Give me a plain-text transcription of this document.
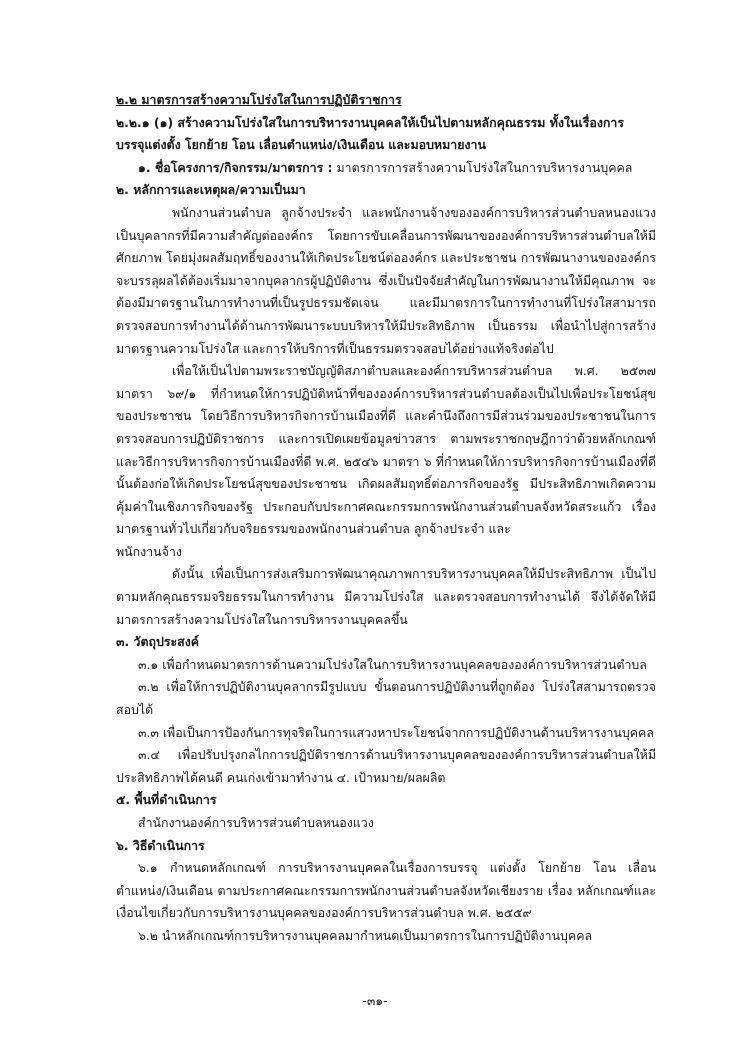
๒.๒ มาตรการสร้างความโปร่งใสในการปฏิบัติราชการ

๒.๒.๑ (๑) สร้างความโปร่งใสในการบริหารงานบุคคลให้เป็นไปตามหลักคุณธรรม ทั้งในเรื่องการ

บรรจุแต่งตั้ง โยกย้าย โอน เลื่อนตำแหน่ง/เงินเดือน และมอบหมายงาน

๑. ชื่อโครงการ/กิจกรรม/มาตรการ : มาตรการการสร้างความโปร่งใสในการบริหารงานบุคคล

๒. หลักการและเหตุผล/ความเป็นมา

พนักงานส่วนตำบล ลูกจ้างประจำ และพนักงานจ้างขององค์การบริหารส่วนตำบลหนองแวง เป็นบุคลากรที่มีความสำคัญต่อองค์กร โดยการขับเคลื่อนการพัฒนาขององค์การบริหารส่วนตำบลให้มีศักยภาพ โดยมุ่งผลสัมฤทธิ์ของงานให้เกิดประโยชน์ต่อองค์กร และประชาชน การพัฒนางานขององค์กรจะบรรลุผลได้ต้องเริ่มมาจากบุคลากรผู้ปฏิบัติงาน ซึ่งเป็นปัจจัยสำคัญในการพัฒนางานให้มีคุณภาพ จะต้องมีมาตรฐานในการทำงานที่เป็นรูปธรรมชัดเจน และมีมาตรการในการทำงานที่โปร่งใสสามารถตรวจสอบการทำงานได้ด้านการพัฒนาระบบบริหารให้มีประสิทธิภาพ เป็นธรรม เพื่อนำไปสู่การสร้างมาตรฐานความโปร่งใส และการให้บริการที่เป็นธรรมตรวจสอบได้อย่างแท้จริงต่อไป

เพื่อให้เป็นไปตามพระราชบัญญัติสภาตำบลและองค์การบริหารส่วนตำบล พ.ศ. ๒๕๓๗ มาตรา ๖๙/๑ ที่กำหนดให้การปฏิบัติหน้าที่ขององค์การบริหารส่วนตำบลต้องเป็นไปเพื่อประโยชน์สุขของประชาชน โดยวิธีการบริหารกิจการบ้านเมืองที่ดี และคำนึงถึงการมีส่วนร่วมของประชาชนในการตรวจสอบการปฏิบัติราชการ และการเปิดเผยข้อมูลข่าวสาร ตามพระราชกฤษฎีกาว่าด้วยหลักเกณฑ์และวิธีการบริหารกิจการบ้านเมืองที่ดี พ.ศ. ๒๕๔๖ มาตรา ๖ ที่กำหนดให้การบริหารกิจการบ้านเมืองที่ดีนั้นต้องก่อให้เกิดประโยชน์สุขของประชาชน เกิดผลสัมฤทธิ์ต่อภารกิจของรัฐ มีประสิทธิภาพเกิดความคุ้มค่าในเชิงภารกิจของรัฐ ประกอบกับประกาศคณะกรรมการพนักงานส่วนตำบลจังหวัดสระแก้ว เรื่อง มาตรฐานทั่วไปเกี่ยวกับจริยธรรมของพนักงานส่วนตำบล ลูกจ้างประจำ และ

พนักงานจ้าง

ดังนั้น เพื่อเป็นการส่งเสริมการพัฒนาคุณภาพการบริหารงานบุคคลให้มีประสิทธิภาพ เป็นไปตามหลักคุณธรรมจริยธรรมในการทำงาน มีความโปร่งใส และตรวจสอบการทำงานได้ จึงได้จัดให้มีมาตรการสร้างความโปร่งใสในการบริหารงานบุคคลขึ้น

๓. วัตถุประสงค์

๓.๑ เพื่อกำหนดมาตรการด้านความโปร่งใสในการบริหารงานบุคคลขององค์การบริหารส่วนตำบล

๓.๒ เพื่อให้การปฏิบัติงานบุคลากรมีรูปแบบ ขั้นตอนการปฏิบัติงานที่ถูกต้อง โปร่งใสสามารถตรวจสอบได้

๓.๓ เพื่อเป็นการป้องกันการทุจริตในการแสวงหาประโยชน์จากการปฏิบัติงานด้านบริหารงานบุคคล

๓.๔ เพื่อปรับปรุงกลไกการปฏิบัติราชการด้านบริหารงานบุคคลขององค์การบริหารส่วนตำบลให้มีประสิทธิภาพได้คนดี คนเก่งเข้ามาทำงาน ๔. เป้าหมาย/ผลผลิต

๕. พื้นที่ดำเนินการ

สำนักงานองค์การบริหารส่วนตำบลหนองแวง

๖. วิธีดำเนินการ

๖.๑ กำหนดหลักเกณฑ์ การบริหารงานบุคคลในเรื่องการบรรจุ แต่งตั้ง โยกย้าย โอน เลื่อน ตำแหน่ง/เงินเดือน ตามประกาศคณะกรรมการพนักงานส่วนตำบลจังหวัดเชียงราย เรื่อง หลักเกณฑ์และเงื่อนไขเกี่ยวกับการบริหารงานบุคคลขององค์การบริหารส่วนตำบล พ.ศ. ๒๕๕๙

๖.๒ นำหลักเกณฑ์การบริหารงานบุคคลมากำหนดเป็นมาตรการในการปฏิบัติงานบุคคล

-๓๑-
